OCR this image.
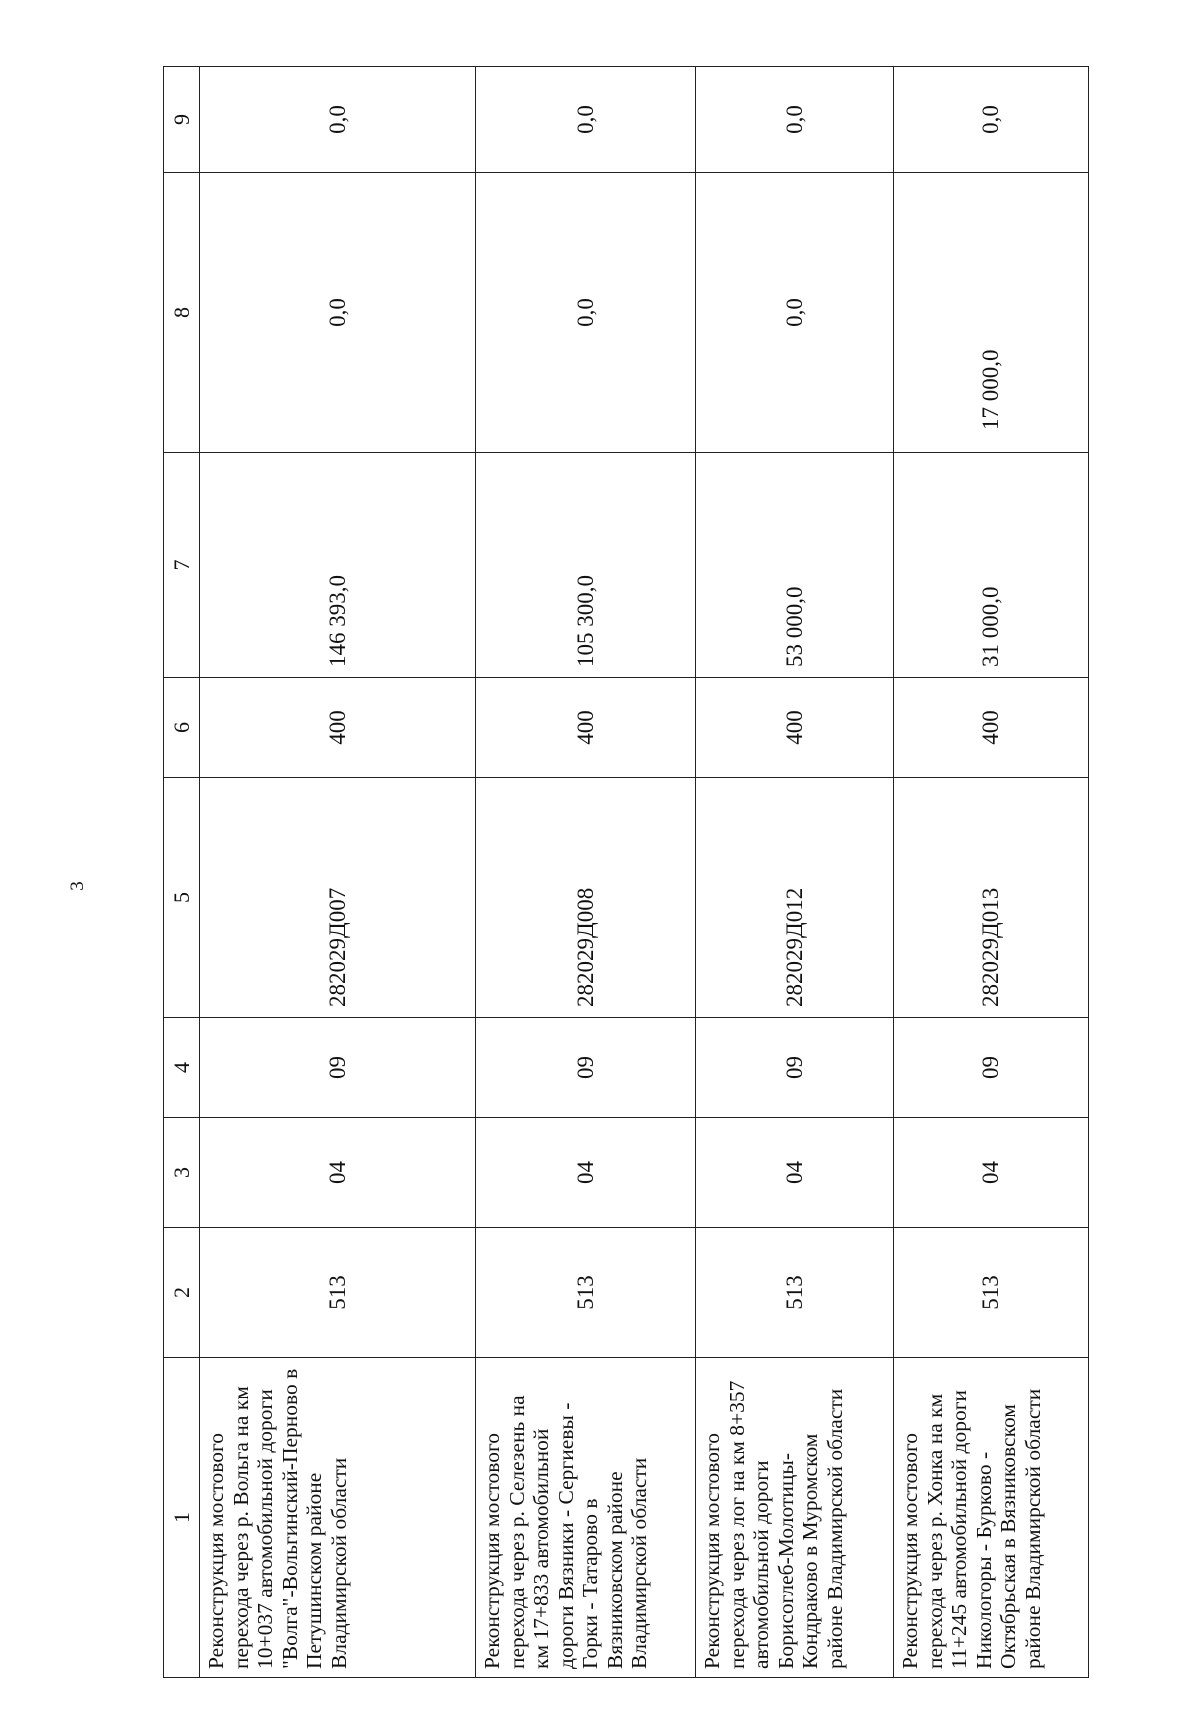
3
1	2	3	4	5	6	7	8	9
Реконструкция мостового перехода через р. Вольга на км 10+037 автомобильной дороги "Волга"-Вольгинский-Перново в Петушинском районе Владимирской области	513	04	09	282029Д007	400	146 393,0	0,0	0,0
Реконструкция мостового перехода через р. Селезень на км 17+833 автомобильной дороги Вязники - Сергиевы - Горки - Татарово в Вязниковском районе Владимирской области	513	04	09	282029Д008	400	105 300,0	0,0	0,0
Реконструкция мостового перехода через лог на км 8+357 автомобильной дороги Борисоглеб-Молотицы-Кондраково в Муромском районе Владимирской области	513	04	09	282029Д012	400	53 000,0	0,0	0,0
Реконструкция мостового перехода через р. Хонка на км 11+245 автомобильной дороги Никологоры - Бурково - Октябрьская в Вязниковском районе Владимирской области	513	04	09	282029Д013	400	31 000,0	17 000,0	0,0
